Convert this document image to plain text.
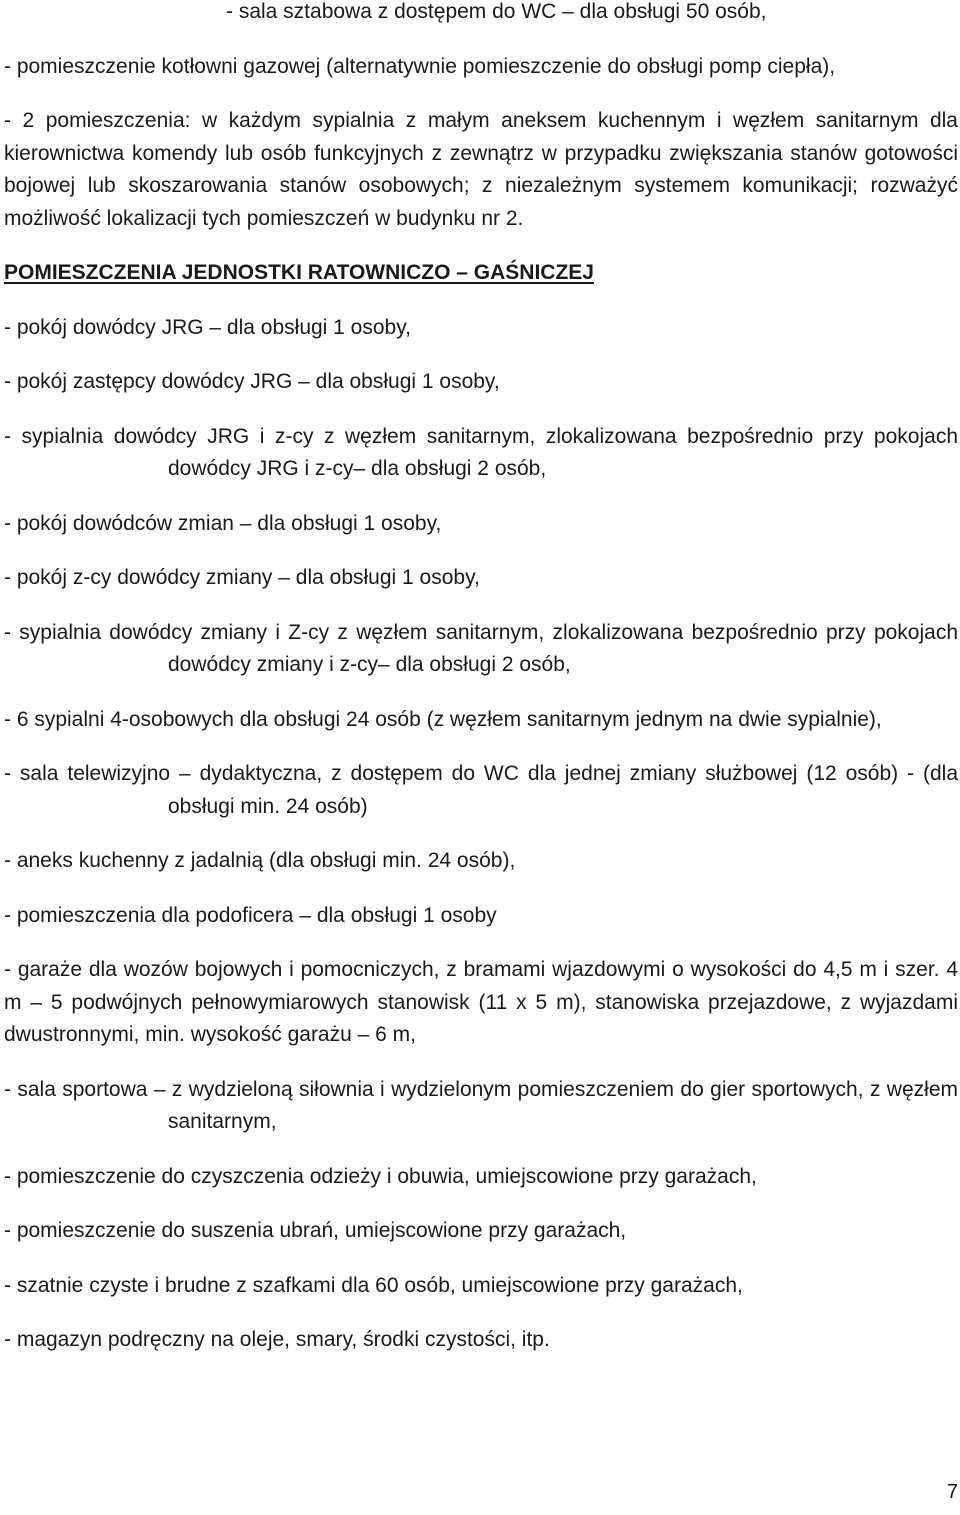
- sala sztabowa z dostępem do WC – dla obsługi 50 osób,

- pomieszczenie kotłowni gazowej (alternatywnie pomieszczenie do obsługi pomp ciepła),

- 2 pomieszczenia: w każdym sypialnia z małym aneksem kuchennym i węzłem sanitarnym dla kierownictwa komendy lub osób funkcyjnych z zewnątrz w przypadku zwiększania stanów gotowości bojowej lub skoszarowania stanów osobowych; z niezależnym systemem komunikacji; rozważyć możliwość lokalizacji tych pomieszczeń w budynku nr 2.

POMIESZCZENIA JEDNOSTKI RATOWNICZO – GAŚNICZEJ

- pokój dowódcy JRG – dla obsługi 1 osoby,

- pokój zastępcy dowódcy JRG – dla obsługi 1 osoby,

- sypialnia dowódcy JRG i z-cy z węzłem sanitarnym, zlokalizowana bezpośrednio przy pokojach dowódcy JRG i z-cy– dla obsługi 2 osób,

- pokój dowódców zmian – dla obsługi 1 osoby,

- pokój z-cy dowódcy zmiany – dla obsługi 1 osoby,

- sypialnia dowódcy zmiany i Z-cy z węzłem sanitarnym, zlokalizowana bezpośrednio przy pokojach dowódcy zmiany i z-cy– dla obsługi 2 osób,

- 6 sypialni 4-osobowych dla obsługi 24 osób (z węzłem sanitarnym jednym na dwie sypialnie),

- sala telewizyjno – dydaktyczna, z dostępem do WC dla jednej zmiany służbowej (12 osób) - (dla obsługi min. 24 osób)

- aneks kuchenny z jadalnią (dla obsługi min. 24 osób),

- pomieszczenia dla podoficera – dla obsługi 1 osoby

- garaże dla wozów bojowych i pomocniczych, z bramami wjazdowymi o wysokości do 4,5 m i szer. 4 m – 5 podwójnych pełnowymiarowych stanowisk (11 x 5 m), stanowiska przejazdowe, z wyjazdami dwustronnymi, min. wysokość garażu – 6 m,

- sala sportowa – z wydzieloną siłownia i wydzielonym pomieszczeniem do gier sportowych, z węzłem sanitarnym,

- pomieszczenie do czyszczenia odzieży i obuwia, umiejscowione przy garażach,

- pomieszczenie do suszenia ubrań, umiejscowione przy garażach,

- szatnie czyste i brudne z szafkami dla 60 osób, umiejscowione przy garażach,

- magazyn podręczny na oleje, smary, środki czystości, itp.

7
